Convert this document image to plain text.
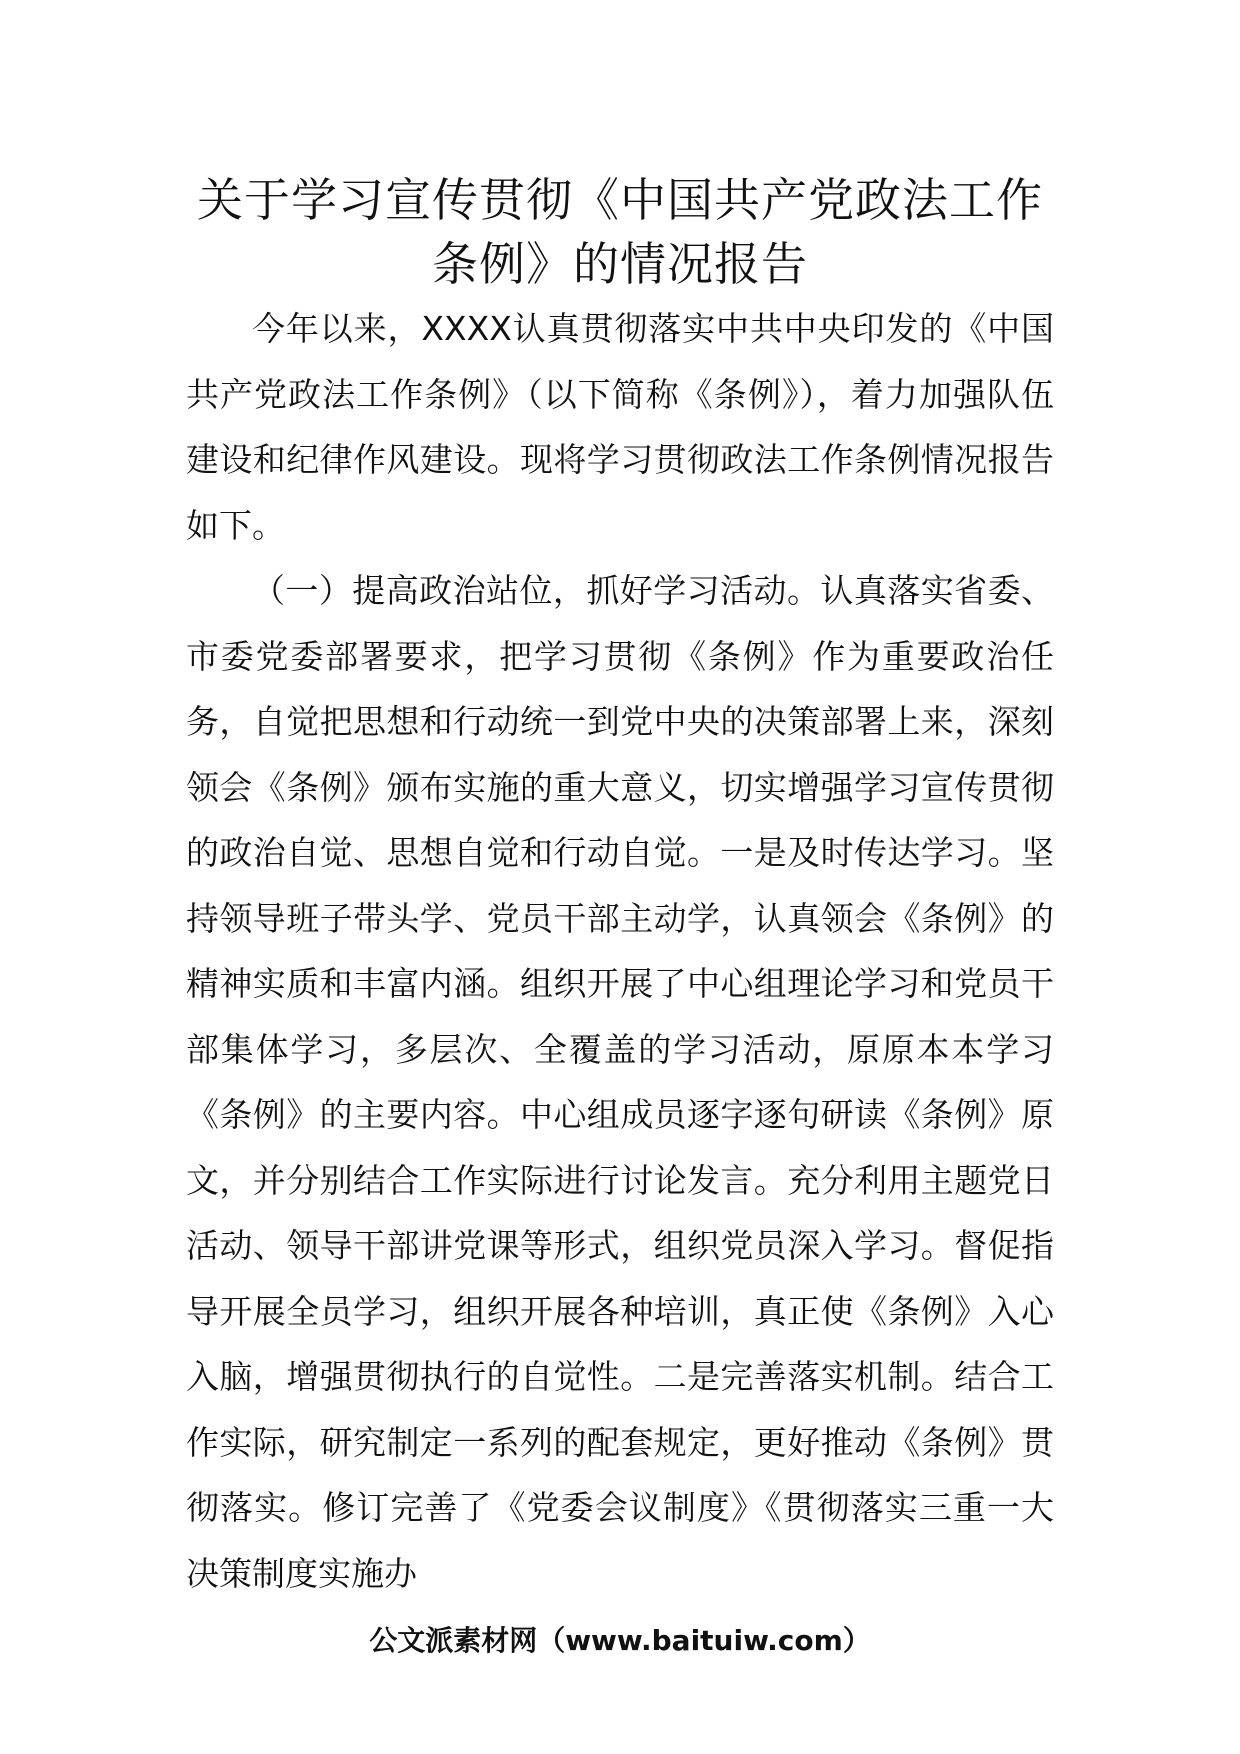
关于学习宣传贯彻《中国共产党政法工作
条例》的情况报告

今年以来，XXXX认真贯彻落实中共中央印发的《中国共产党政法工作条例》（以下简称《条例》），着力加强队伍建设和纪律作风建设。现将学习贯彻政法工作条例情况报告如下。

（一）提高政治站位，抓好学习活动。认真落实省委、市委党委部署要求，把学习贯彻《条例》作为重要政治任务，自觉把思想和行动统一到党中央的决策部署上来，深刻领会《条例》颁布实施的重大意义，切实增强学习宣传贯彻的政治自觉、思想自觉和行动自觉。一是及时传达学习。坚持领导班子带头学、党员干部主动学，认真领会《条例》的精神实质和丰富内涵。组织开展了中心组理论学习和党员干部集体学习，多层次、全覆盖的学习活动，原原本本学习《条例》的主要内容。中心组成员逐字逐句研读《条例》原文，并分别结合工作实际进行讨论发言。充分利用主题党日活动、领导干部讲党课等形式，组织党员深入学习。督促指导开展全员学习，组织开展各种培训，真正使《条例》入心入脑，增强贯彻执行的自觉性。二是完善落实机制。结合工作实际，研究制定一系列的配套规定，更好推动《条例》贯彻落实。修订完善了《党委会议制度》《贯彻落实三重一大决策制度实施办

公文派素材网（www.baituiw.com）
